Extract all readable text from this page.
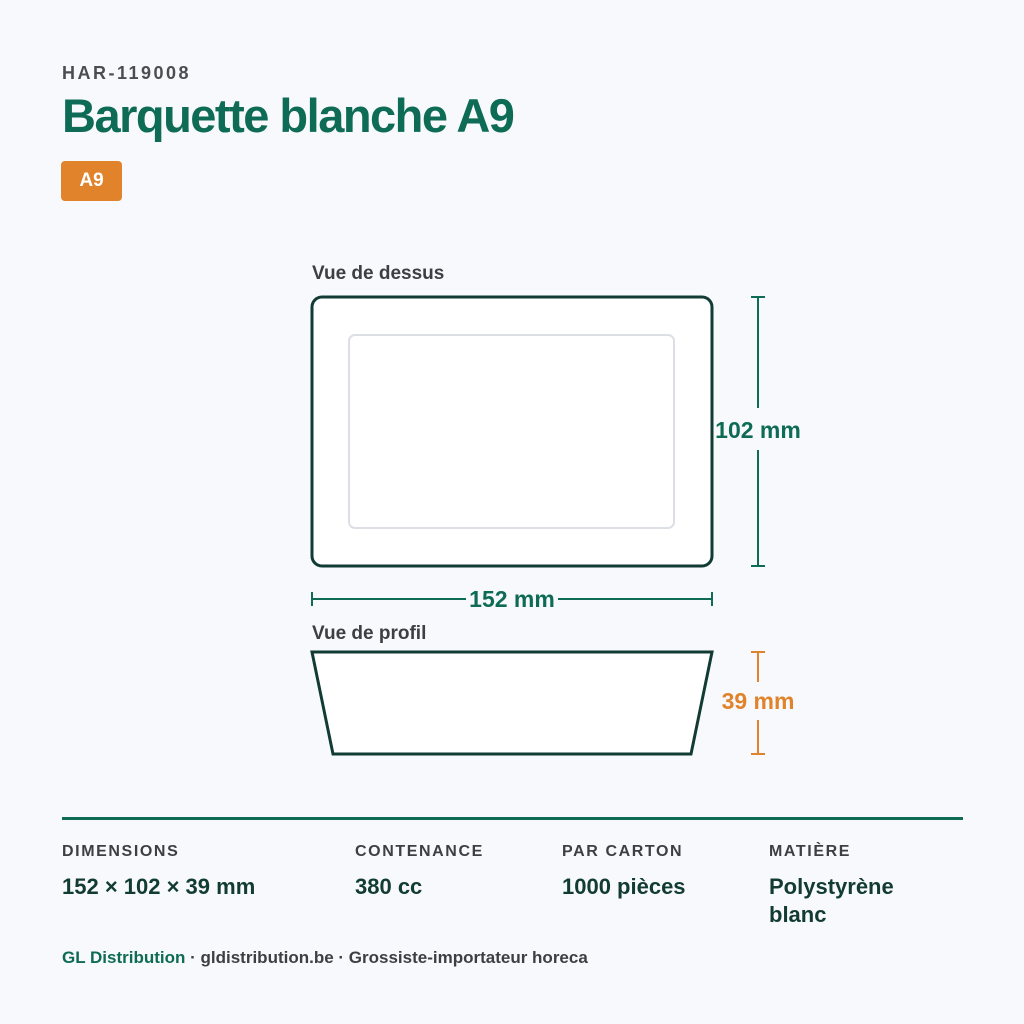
HAR-119008
Barquette blanche A9
A9
Vue de dessus
102 mm
152 mm
Vue de profil
39 mm
DIMENSIONS
152 × 102 × 39 mm
CONTENANCE
380 cc
PAR CARTON
1000 pièces
MATIÈRE
Polystyrène blanc
GL Distribution · gldistribution.be · Grossiste-importateur horeca
